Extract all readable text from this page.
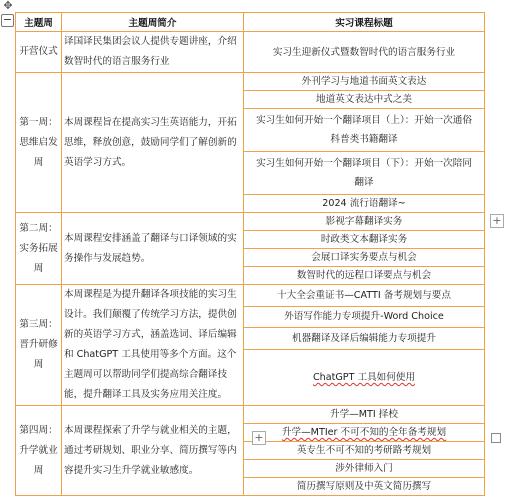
✥
− 主题周	主题周简介	实习课程标题
开营仪式	译国译民集团会议人提供专题讲座，介绍数智时代的语言服务行业	实习生迎新仪式暨数智时代的语言服务行业
第一周：思维启发周	本周课程旨在提高实习生英语能力，开拓思维，释放创意，鼓励同学们了解创新的英语学习方式。	外刊学习与地道书面英文表达
		地道英文表达中式之美
		实习生如何开始一个翻译项目（上）：开始一次通俗科普类书籍翻译
		实习生如何开始一个翻译项目（下）：开始一次陪同翻译
		2024 流行语翻译~
第二周：实务拓展周	本周课程安排涵盖了翻译与口译领域的实务操作与发展趋势。	影视字幕翻译实务
		时政类文本翻译实务
		会展口译实务要点与机会
		数智时代的远程口译要点与机会
第三周：晋升研修周	本周课程是为提升翻译各项技能的实习生设计。我们颠覆了传统学习方法，提供创新的英语学习方式，涵盖选词、译后编辑和 ChatGPT 工具使用等多个方面。这个主题周可以帮助同学们提高综合翻译技能，提升翻译工具及实务应用关注度。	十大全会重证书—CATTI 备考规划与要点
		外语写作能力专项提升-Word Choice
		机器翻译及译后编辑能力专项提升
		ChatGPT 工具如何使用
第四周：升学就业周	本周课程探索了升学与就业相关的主题，通过考研规划、职业分享、简历撰写等内容提升实习生升学就业敏感度。	升学—MTI 择校
		升学—MTIer 不可不知的全年备考规划
		英专生不可不知的考研路考规划
		涉外律师入门
		简历撰写原则及中英文简历撰写
+
+
